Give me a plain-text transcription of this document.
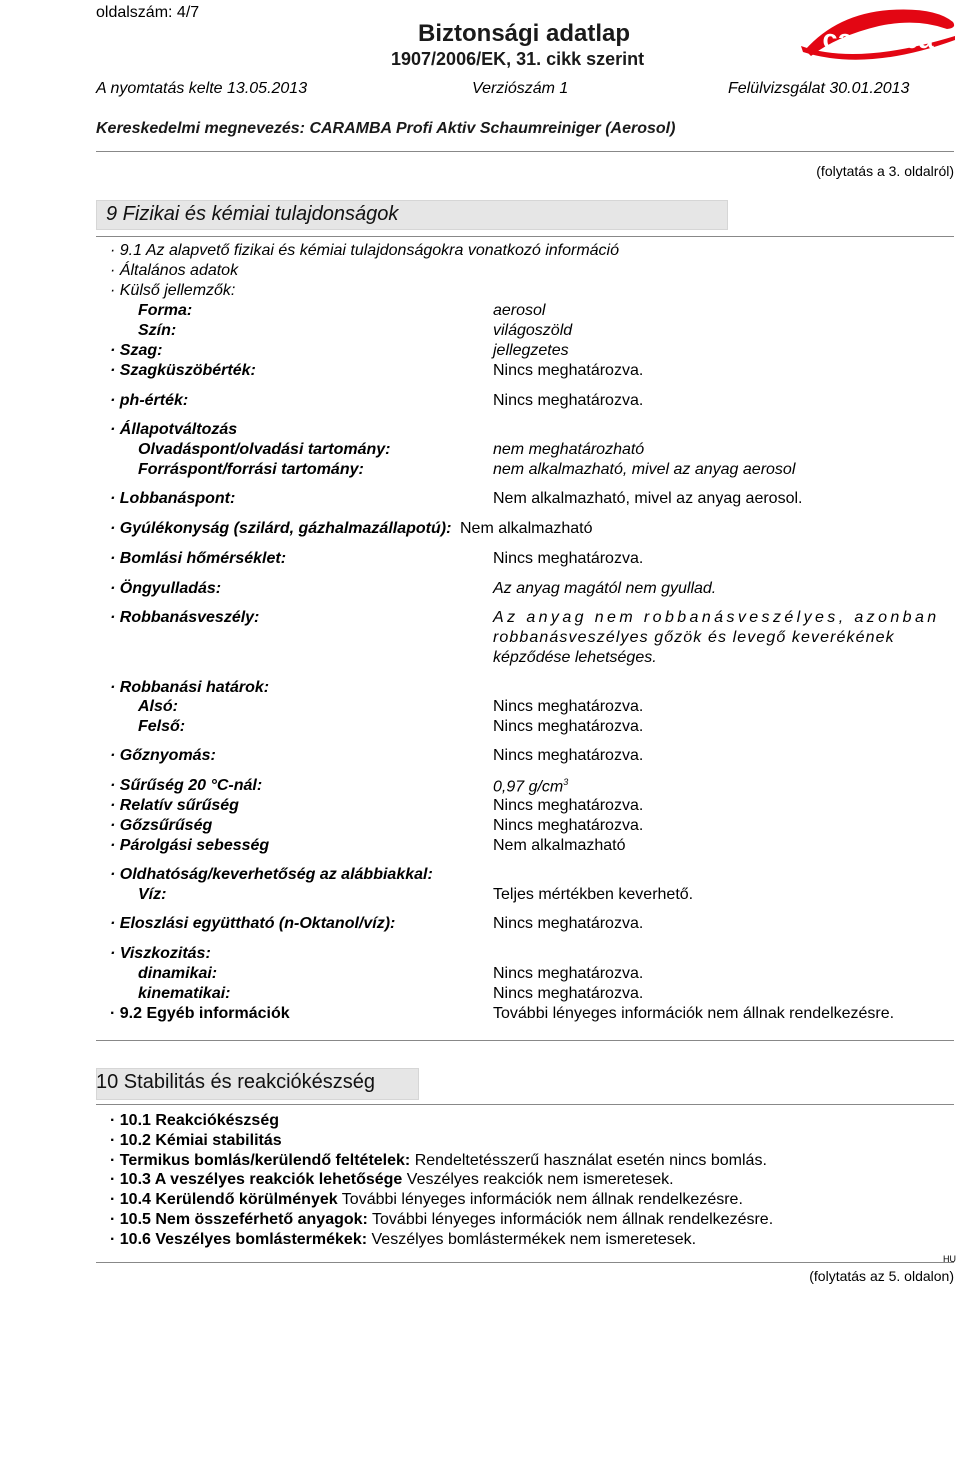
oldalszám: 4/7
Biztonsági adatlap
1907/2006/EK, 31. cikk szerint
A nyomtatás kelte 13.05.2013	Verziószám 1	Felülvizsgálat 30.01.2013
caramba
Kereskedelmi megnevezés: CARAMBA Profi Aktiv Schaumreiniger (Aerosol)
(folytatás a 3. oldalról)
9 Fizikai és kémiai tulajdonságok
· 9.1 Az alapvető fizikai és kémiai tulajdonságokra vonatkozó információ
· Általános adatok
· Külső jellemzők:
Forma:	aerosol
Szín:	világoszöld
· Szag:	jellegzetes
· Szagküszöbérték:	Nincs meghatározva.
· ph-érték:	Nincs meghatározva.
· Állapotváltozás
Olvadáspont/olvadási tartomány:	nem meghatározható
Forráspont/forrási tartomány:	nem alkalmazható, mivel az anyag aerosol
· Lobbanáspont:	Nem alkalmazható, mivel az anyag aerosol.
· Gyúlékonyság (szilárd, gázhalmazállapotú): Nem alkalmazható
· Bomlási hőmérséklet:	Nincs meghatározva.
· Öngyulladás:	Az anyag magától nem gyullad.
· Robbanásveszély:	Az anyag nem robbanásveszélyes, azonban
robbanásveszélyes gőzök és levegő keverékének
képződése lehetséges.
· Robbanási határok:
Alsó:	Nincs meghatározva.
Felső:	Nincs meghatározva.
· Gőznyomás:	Nincs meghatározva.
· Sűrűség 20 °C-nál:	0,97 $g/cm^3$
· Relatív sűrűség	Nincs meghatározva.
· Gőzsűrűség	Nincs meghatározva.
· Párolgási sebesség	Nem alkalmazható
· Oldhatóság/keverhetőség az alábbiakkal:
Víz:	Teljes mértékben keverhető.
· Eloszlási együttható (n-Oktanol/víz):	Nincs meghatározva.
· Viszkozitás:
dinamikai:	Nincs meghatározva.
kinematikai:	Nincs meghatározva.
· 9.2 Egyéb információk	További lényeges információk nem állnak rendelkezésre.
10 Stabilitás és reakciókészség
· 10.1 Reakciókészség
· 10.2 Kémiai stabilitás
· Termikus bomlás/kerülendő feltételek: Rendeltetésszerű használat esetén nincs bomlás.
· 10.3 A veszélyes reakciók lehetősége Veszélyes reakciók nem ismeretesek.
· 10.4 Kerülendő körülmények További lényeges információk nem állnak rendelkezésre.
· 10.5 Nem összeférhető anyagok: További lényeges információk nem állnak rendelkezésre.
· 10.6 Veszélyes bomlástermékek: Veszélyes bomlástermékek nem ismeretesek.
HU
(folytatás az 5. oldalon)
